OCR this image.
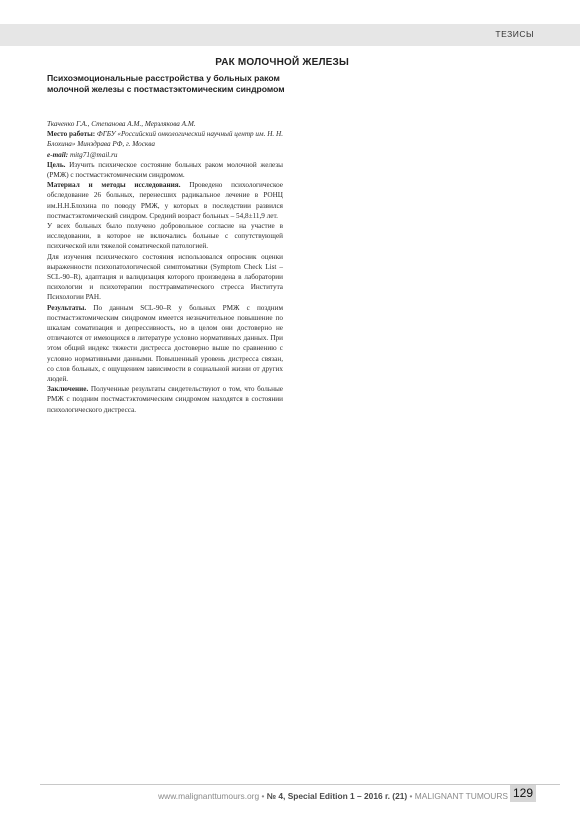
ТЕЗИСЫ
РАК МОЛОЧНОЙ ЖЕЛЕЗЫ
Психоэмоциональные расстройства у больных раком молочной железы с постмастэктомическим синдромом

Ткаченко Г.А., Степанова А.М., Мерзлякова А.М.

Место работы: ФГБУ «Российский онкологический научный центр им. Н. Н. Блохина» Минздрава РФ, г. Москва

e-mail: mitg71@mail.ru

Цель. Изучить психическое состояние больных раком молочной железы (РМЖ) с постмастэктомическим синдромом.

Материал и методы исследования. Проведено психологическое обследование 26 больных, перенесших радикальное лечение в РОНЦ им.Н.Н.Блохина по поводу РМЖ, у которых в последствии развился постмастэктомический синдром. Средний возраст больных – 54,8±11,9 лет.

У всех больных было получено добровольное согласие на участие в исследовании, в которое не включались больные с сопутствующей психической или тяжелой соматической патологией.

Для изучения психического состояния использовался опросник оценки выраженности психопатологической симптоматики (Symptom Check List – SCL-90–R), адаптация и валидизация которого произведена в лаборатории психологии и психотерапии посттравматического стресса Института Психологии РАН.

Результаты. По данным SCL-90–R у больных РМЖ с поздним постмастэктомическим синдромом имеется незначительное повышение по шкалам соматизация и депрессивность, но в целом они достоверно не отличаются от имеющихся в литературе условно нормативных данных. При этом общий индекс тяжести дистресса достоверно выше по сравнению с условно нормативными данными. Повышенный уровень дистресса связан, со слов больных, с ощущением зависимости в социальной жизни от других людей.

Заключение. Полученные результаты свидетельствуют о том, что больные РМЖ с поздним постмастэктомическим синдромом находятся в состоянии психологического дистресса.

www.malignanttumours.org • № 4, Special Edition 1 – 2016 г. (21) • MALIGNANT TUMOURS 129
